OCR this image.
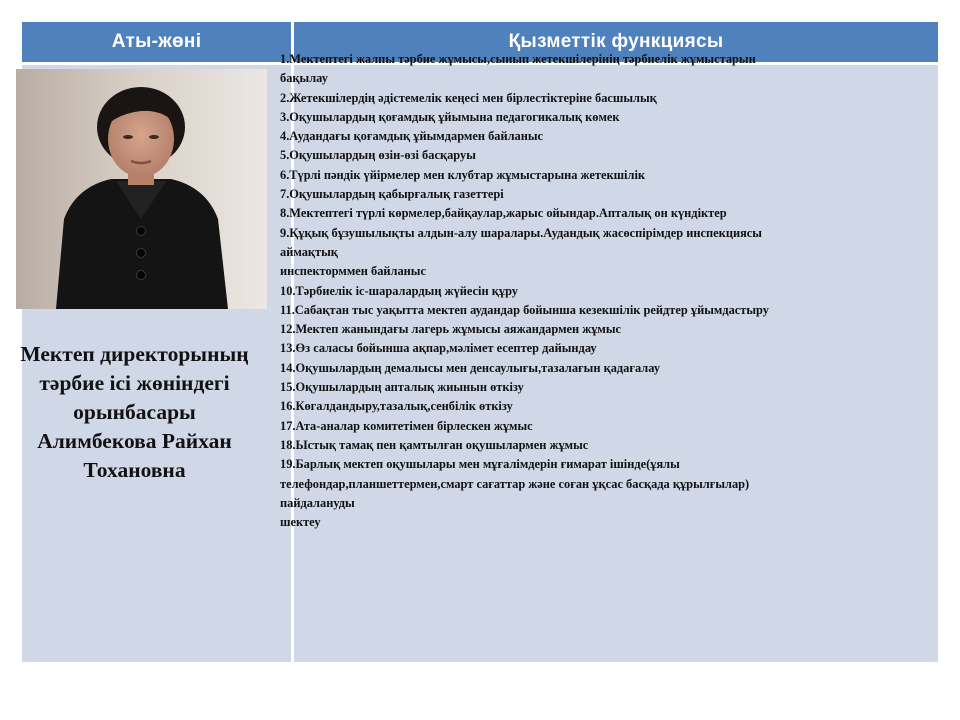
Аты-жөні	Қызметтік функциясы
Мектеп директорының
тәрбие ісі жөніндегі
орынбасары
Алимбекова Райхан
Тохановна
1.Мектептегі жалпы тәрбие жұмысы,сынып жетекшілерінің тәрбиелік жұмыстарын
бақылау
2.Жетекшілердің әдістемелік кеңесі мен бірлестіктеріне басшылық
3.Оқушылардың қоғамдық ұйымына педагогикалық көмек
4.Аудандағы қоғамдық ұйымдармен байланыс
5.Оқушылардың өзін-өзі басқаруы
6.Түрлі пәндік үйірмелер мен клубтар жұмыстарына жетекшілік
7.Оқушылардың қабырғалық газеттері
8.Мектептегі түрлі көрмелер,байқаулар,жарыс ойындар.Апталық он күндіктер
9.Құқық бұзушылықты алдын-алу шаралары.Аудандық жасөспірімдер инспекциясы
аймақтық
инспекторммен байланыс
10.Тәрбиелік іс-шаралардың жүйесін құру
11.Сабақтан тыс уақытта мектеп аудандар бойынша кезекшілік рейдтер ұйымдастыру
12.Мектеп жанындағы лагерь жұмысы аяжандармен жұмыс
13.Өз саласы бойынша ақпар,мәлімет есептер дайындау
14.Оқушылардың демалысы мен денсаулығы,тазалағын қадағалау
15.Оқушылардың апталық жиынын өткізу
16.Көгалдандыру,тазалық,сенбілік өткізу
17.Ата-аналар комитетімен бірлескен жұмыс
18.Ыстық тамақ пен қамтылған оқушылармен жұмыс
19.Барлық мектеп оқушылары мен мұғалімдерін ғимарат ішінде(ұялы
телефондар,планшеттермен,смарт сағаттар және соған ұқсас басқада құрылғылар)
пайдалануды
шектеу
